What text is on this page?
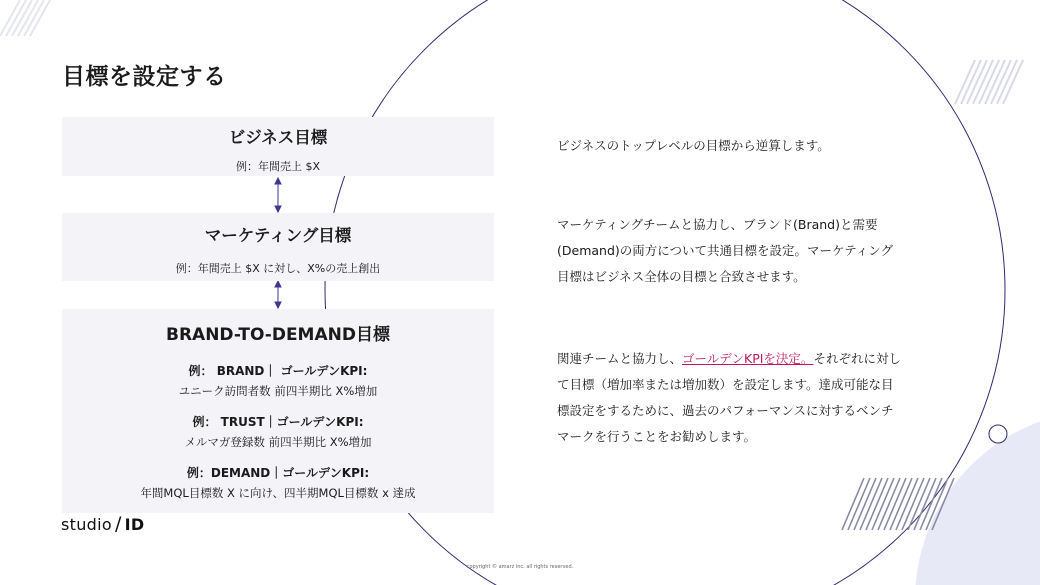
目標を設定する
ビジネス目標
例：年間売上 $X
マーケティング目標
例：年間売上 $X に対し、X%の売上創出
BRAND-TO-DEMAND目標
例： BRAND｜ ゴールデンKPI:
ユニーク訪問者数 前四半期比 X%増加
例： TRUST｜ゴールデンKPI:
メルマガ登録数 前四半期比 X%増加
例：DEMAND｜ゴールデンKPI:
年間MQL目標数 X に向け、四半期MQL目標数 x 達成

ビジネスのトップレベルの目標から逆算します。

マーケティングチームと協力し、ブランド(Brand)と需要(Demand)の両方について共通目標を設定。マーケティング目標はビジネス全体の目標と合致させます。

関連チームと協力し、ゴールデンKPIを決定。それぞれに対して目標（増加率または増加数）を設定します。達成可能な目標設定をするために、過去のパフォーマンスに対するベンチマークを行うことをお勧めします。

studio / ID
copyright © amarz inc. all rights reserved.
